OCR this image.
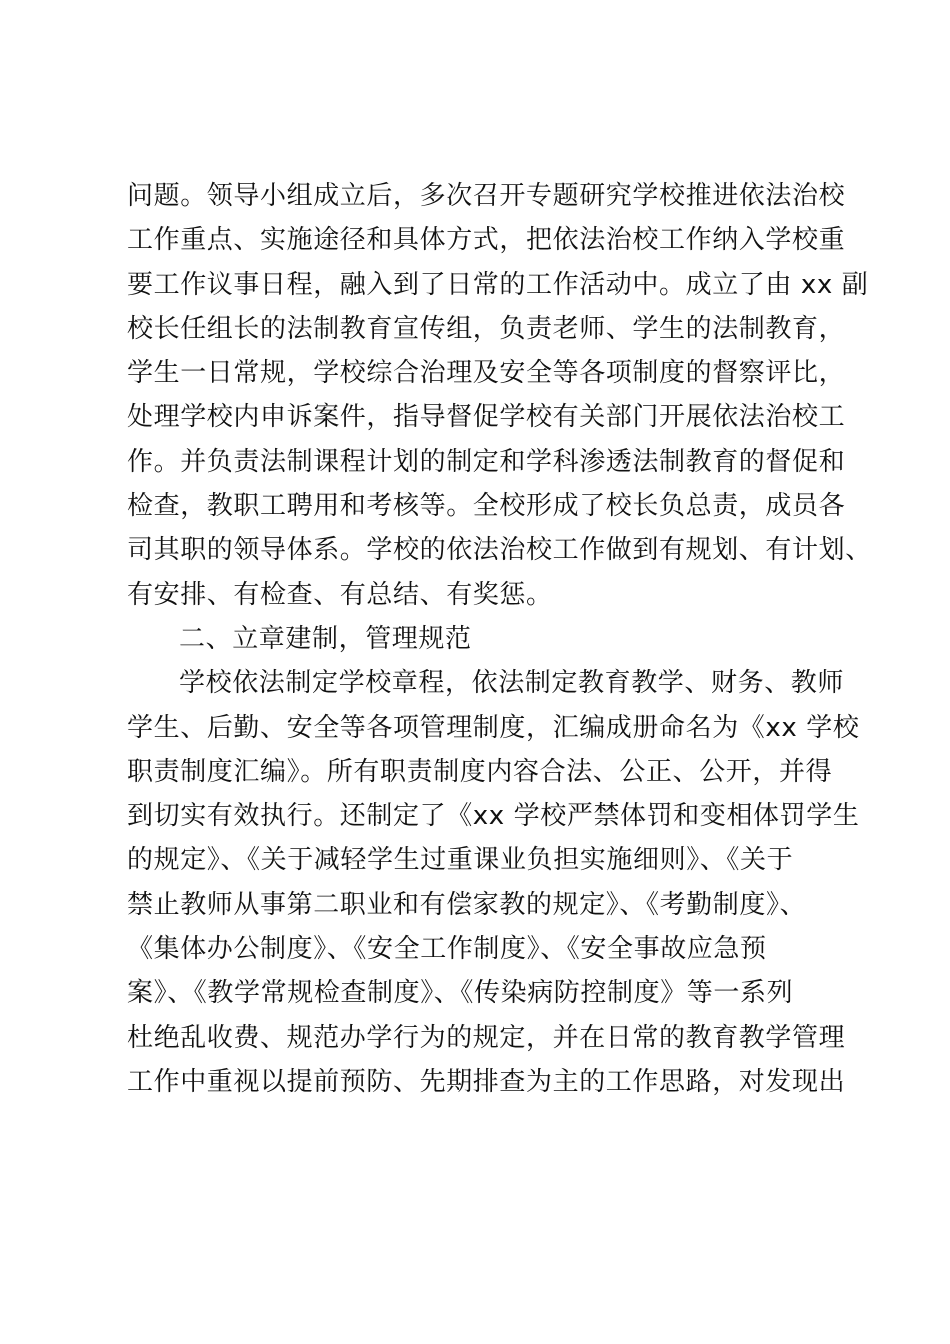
问题。领导小组成立后，多次召开专题研究学校推进依法治校
工作重点、实施途径和具体方式，把依法治校工作纳入学校重
要工作议事日程，融入到了日常的工作活动中。成立了由 xx 副
校长任组长的法制教育宣传组，负责老师、学生的法制教育，
学生一日常规，学校综合治理及安全等各项制度的督察评比，
处理学校内申诉案件，指导督促学校有关部门开展依法治校工
作。并负责法制课程计划的制定和学科渗透法制教育的督促和
检查，教职工聘用和考核等。全校形成了校长负总责，成员各
司其职的领导体系。学校的依法治校工作做到有规划、有计划、
有安排、有检查、有总结、有奖惩。
二、立章建制，管理规范
学校依法制定学校章程，依法制定教育教学、财务、教师
学生、后勤、安全等各项管理制度，汇编成册命名为《xx 学校
职责制度汇编》。所有职责制度内容合法、公正、公开，并得
到切实有效执行。还制定了《xx 学校严禁体罚和变相体罚学生
的规定》、《关于减轻学生过重课业负担实施细则》、《关于
禁止教师从事第二职业和有偿家教的规定》、《考勤制度》、
《集体办公制度》、《安全工作制度》、《安全事故应急预
案》、《教学常规检查制度》、《传染病防控制度》等一系列
杜绝乱收费、规范办学行为的规定，并在日常的教育教学管理
工作中重视以提前预防、先期排查为主的工作思路，对发现出
